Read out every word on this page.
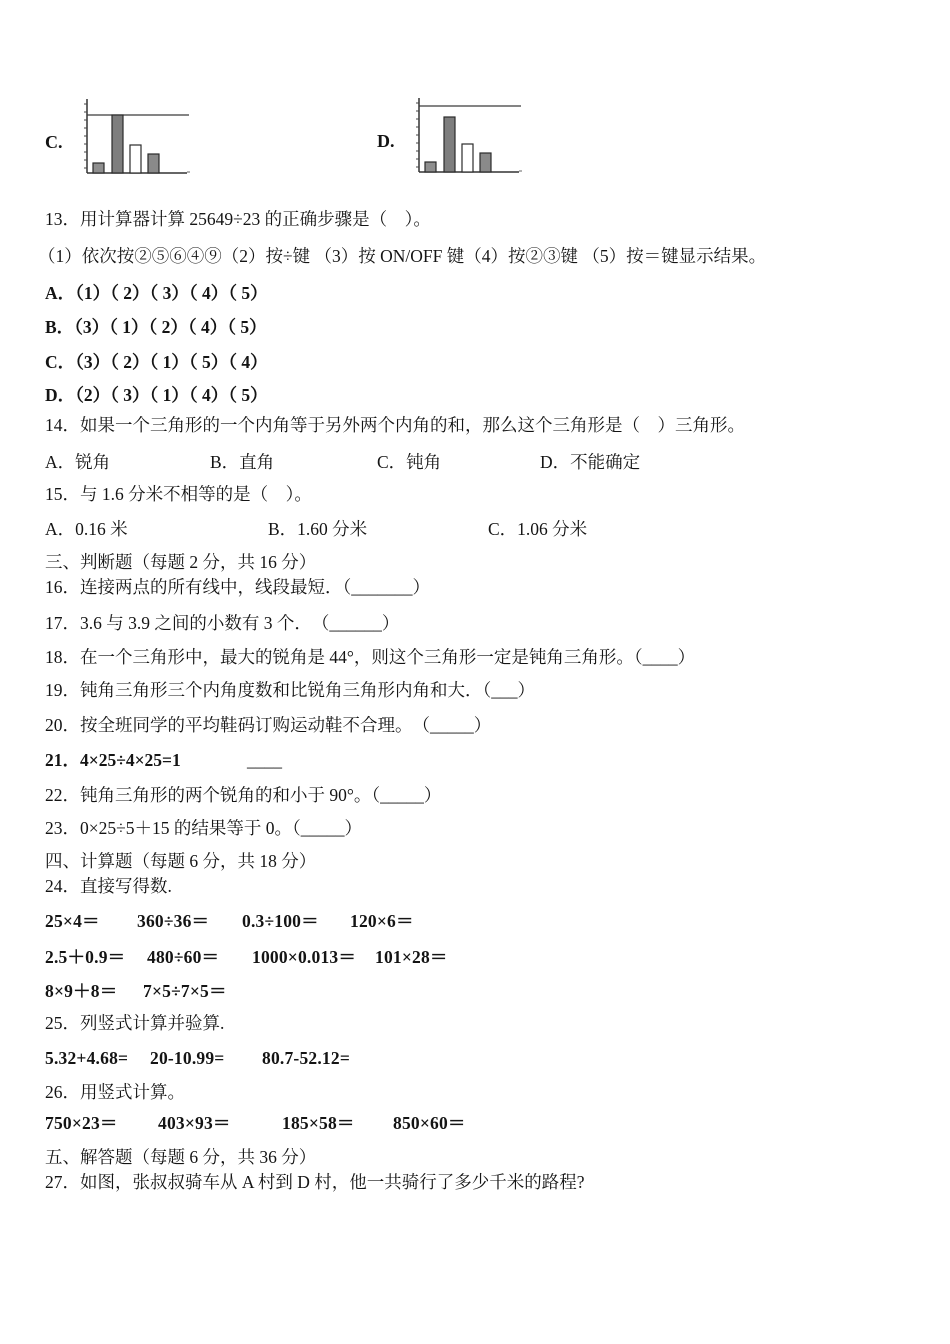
C.	D.
13．用计算器计算 25649÷23 的正确步骤是（　）。
（1）依次按②⑤⑥④⑨（2）按÷键 （3）按 ON/OFF 键（4）按②③键 （5）按＝键显示结果。
A．（1）（ 2）（ 3）（ 4）（ 5）
B．（3）（ 1）（ 2）（ 4）（ 5）
C．（3）（ 2）（ 1）（ 5）（ 4）
D．（2）（ 3）（ 1）（ 4）（ 5）
14．如果一个三角形的一个内角等于另外两个内角的和，那么这个三角形是（　）三角形。

A．锐角

	B．直角

	C．钝角

	D．不能确定

15．与 1.6 分米不相等的是（　）。

A．0.16 米

	B．1.60 分米

	C．1.06 分米

三、判断题（每题 2 分，共 16 分）
16．连接两点的所有线中，线段最短．（_______）
17．3.6 与 3.9 之间的小数有 3 个．　（______）
18．在一个三角形中，最大的锐角是 44°，则这个三角形一定是钝角三角形。（____）
19．钝角三角形三个内角度数和比锐角三角形内角和大．（___）
20．按全班同学的平均鞋码订购运动鞋不合理。　（_____）

21．4×25÷4×25=1

	____

22．钝角三角形的两个锐角的和小于 90°。（_____）
23．0×25÷5＋15 的结果等于 0。（_____）
四、计算题（每题 6 分，共 18 分）
24．直接写得数.

25×4＝

360÷36＝

0.3÷100＝

120×6＝

2.5＋0.9＝

480÷60＝

1000×0.013＝

101×28＝

8×9＋8＝

7×5÷7×5＝

25．列竖式计算并验算.

5.32+4.68=

20-10.99=

80.7-52.12=

26．用竖式计算。

750×23＝

403×93＝

	185×58＝

850×60＝

五、解答题（每题 6 分，共 36 分）
27．如图，张叔叔骑车从 A 村到 D 村，他一共骑行了多少千米的路程?
